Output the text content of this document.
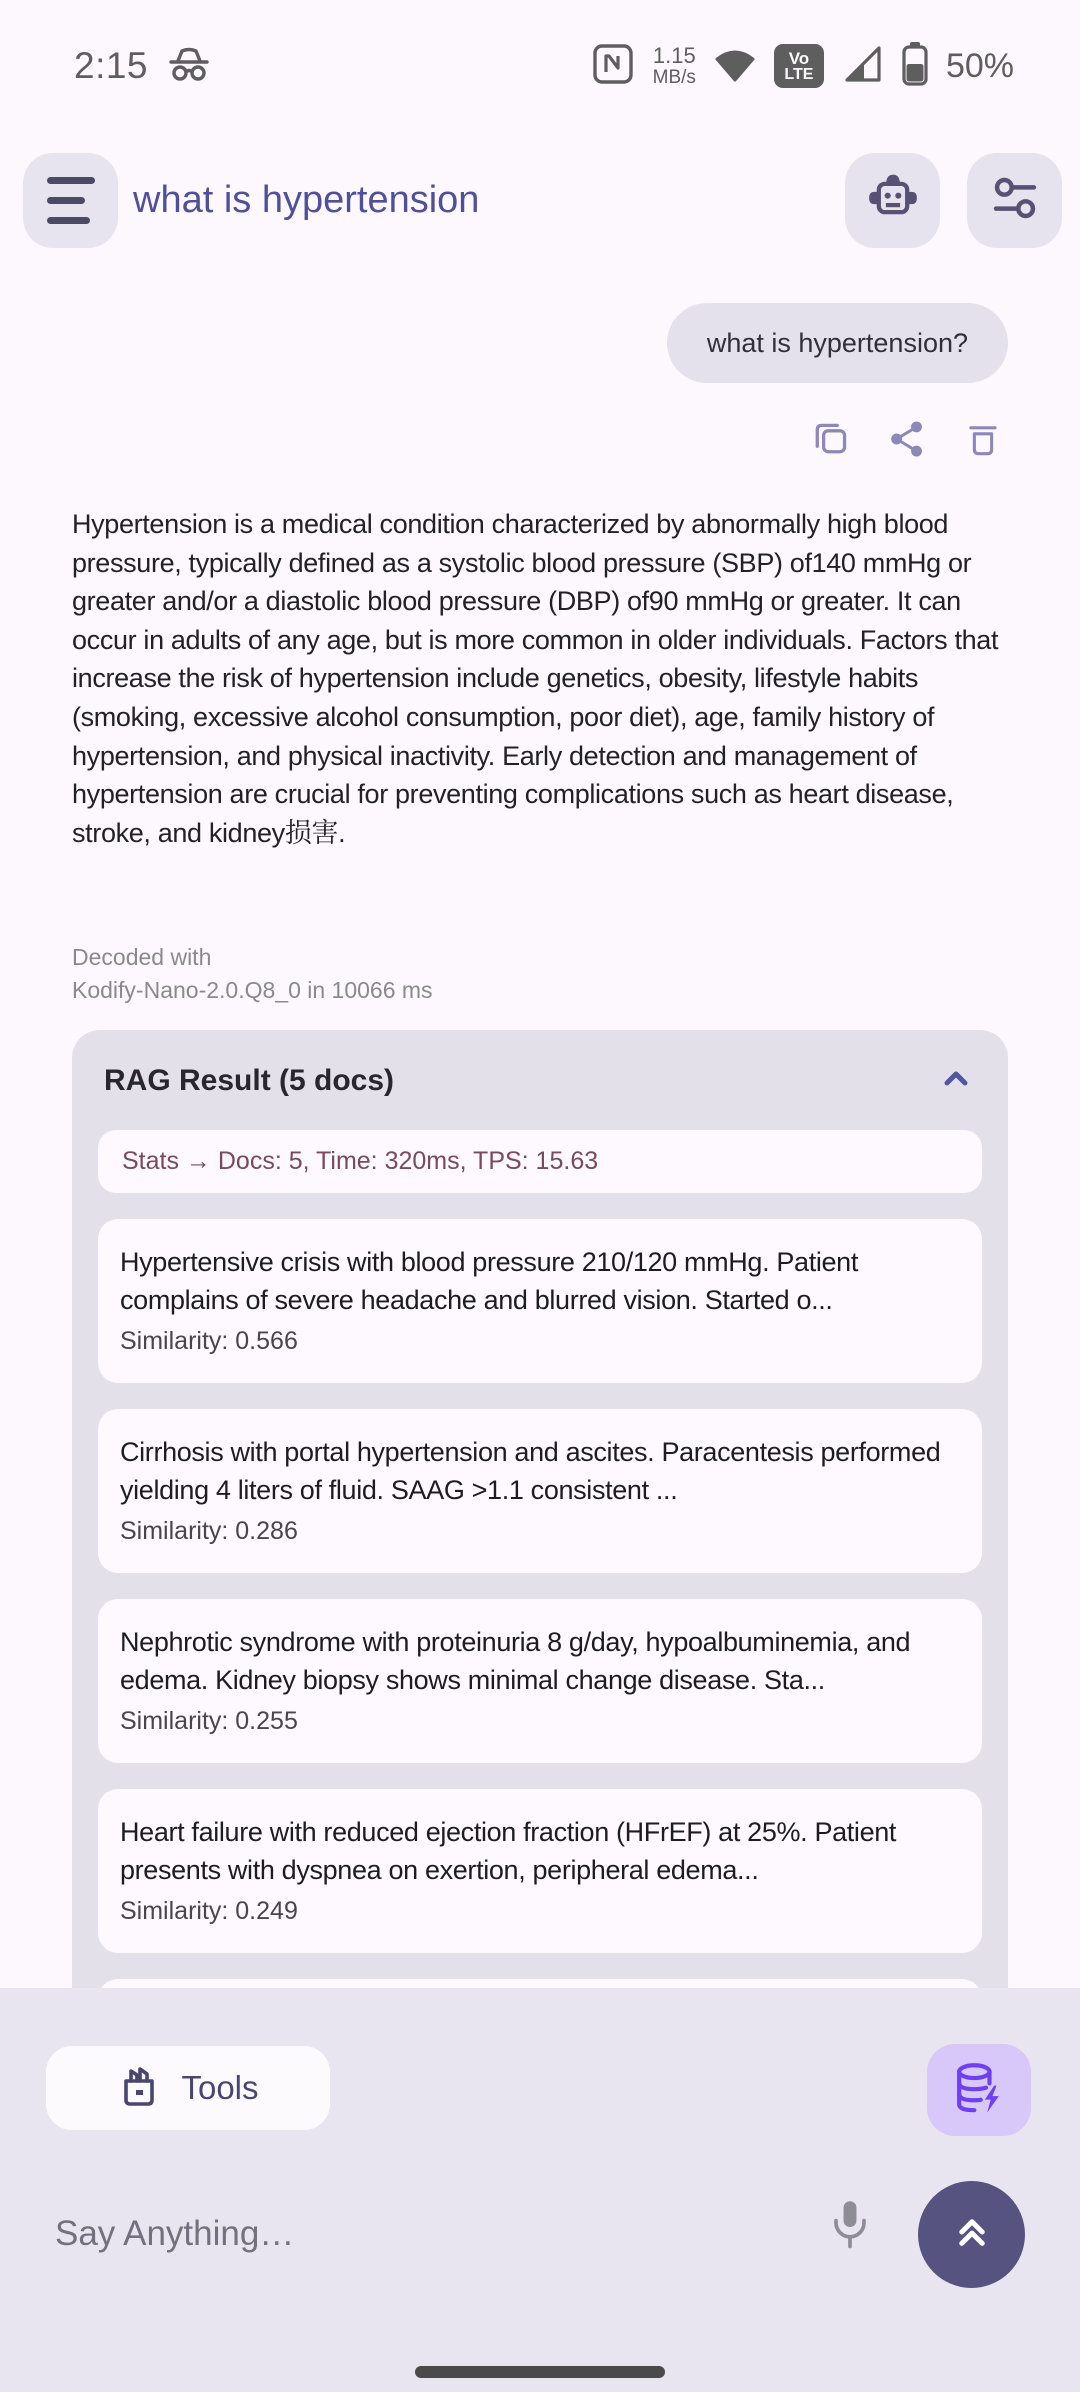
2:15	1.15
MB/s
Vo
LTE	50%
what is hypertension
what is hypertension?
Hypertension is a medical condition characterized by abnormally high blood pressure, typically defined as a systolic blood pressure (SBP) of140 mmHg or greater and/or a diastolic blood pressure (DBP) of90 mmHg or greater. It can occur in adults of any age, but is more common in older individuals. Factors that increase the risk of hypertension include genetics, obesity, lifestyle habits (smoking, excessive alcohol consumption, poor diet), age, family history of hypertension, and physical inactivity. Early detection and management of hypertension are crucial for preventing complications such as heart disease, stroke, and kidney损害.
Decoded with
Kodify-Nano-2.0.Q8_0 in 10066 ms
RAG Result (5 docs)
Stats → Docs: 5, Time: 320ms, TPS: 15.63
Hypertensive crisis with blood pressure 210/120 mmHg. Patient complains of severe headache and blurred vision. Started o...
Similarity: 0.566
Cirrhosis with portal hypertension and ascites. Paracentesis performed yielding 4 liters of fluid. SAAG >1.1 consistent ...
Similarity: 0.286
Nephrotic syndrome with proteinuria 8 g/day, hypoalbuminemia, and edema. Kidney biopsy shows minimal change disease. Sta...
Similarity: 0.255
Heart failure with reduced ejection fraction (HFrEF) at 25%. Patient presents with dyspnea on exertion, peripheral edema...
Similarity: 0.249
Tools
Say Anything…
